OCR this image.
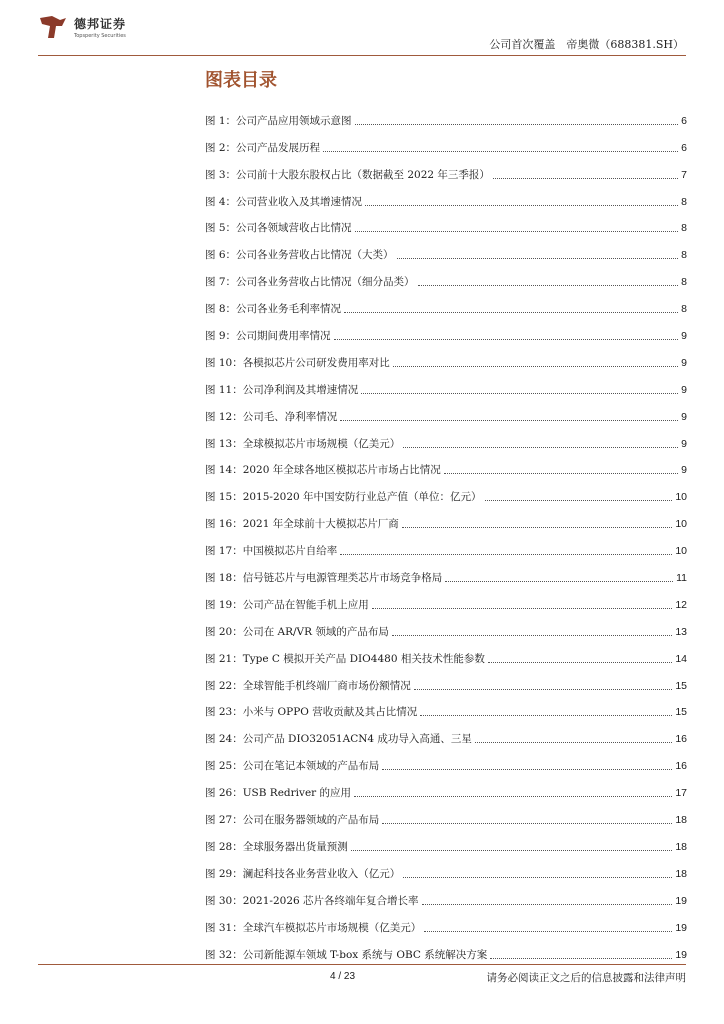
德邦证券
Topsperity Securities
公司首次覆盖　帝奥微（688381.SH）
图表目录
图 1：公司产品应用领域示意图	6
图 2：公司产品发展历程	6
图 3：公司前十大股东股权占比（数据截至 2022 年三季报）	7
图 4：公司营业收入及其增速情况	8
图 5：公司各领域营收占比情况	8
图 6：公司各业务营收占比情况（大类）	8
图 7：公司各业务营收占比情况（细分品类）	8
图 8：公司各业务毛利率情况	8
图 9：公司期间费用率情况	9
图 10：各模拟芯片公司研发费用率对比	9
图 11：公司净利润及其增速情况	9
图 12：公司毛、净利率情况	9
图 13：全球模拟芯片市场规模（亿美元）	9
图 14：2020 年全球各地区模拟芯片市场占比情况	9
图 15：2015-2020 年中国安防行业总产值（单位：亿元）	10
图 16：2021 年全球前十大模拟芯片厂商	10
图 17：中国模拟芯片自给率	10
图 18：信号链芯片与电源管理类芯片市场竞争格局	11
图 19：公司产品在智能手机上应用	12
图 20：公司在 AR/VR 领域的产品布局	13
图 21：Type C 模拟开关产品 DIO4480 相关技术性能参数	14
图 22：全球智能手机终端厂商市场份额情况	15
图 23：小米与 OPPO 营收贡献及其占比情况	15
图 24：公司产品 DIO32051ACN4 成功导入高通、三星	16
图 25：公司在笔记本领域的产品布局	16
图 26：USB Redriver 的应用	17
图 27：公司在服务器领域的产品布局	18
图 28：全球服务器出货量预测	18
图 29：澜起科技各业务营业收入（亿元）	18
图 30：2021-2026 芯片各终端年复合增长率	19
图 31：全球汽车模拟芯片市场规模（亿美元）	19
图 32：公司新能源车领域 T-box 系统与 OBC 系统解决方案	19
4 / 23	请务必阅读正文之后的信息披露和法律声明
